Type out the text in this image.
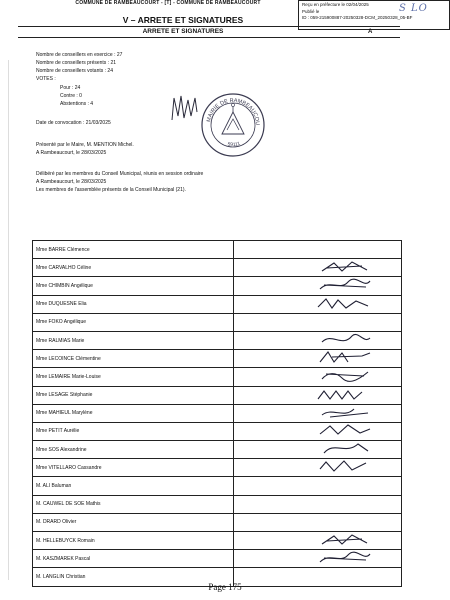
COMMUNE DE RAMBEAUCOURT - [T] - COMMUNE DE RAMBEAUCOURT	Reçu en préfecture le 02/04/2025
Publié le
ID : 059-215900887-20250328-DCM_20250328_05-BF
S LO
V – ARRETE ET SIGNATURES
ARRETE ET SIGNATURES	A
Nombre de conseillers en exercice : 27
Nombre de conseillers présents : 21
Nombre de conseillers votants : 24
VOTES :
Pour : 24
Contre : 0
Abstentions : 4
MAIRIE DE RAMBEAUCOU
59111
Date de convocation : 21/03/2025
Présenté par le Maire, M. MENTION Michel.
A Rambeaucourt, le 28/03/2025
Délibéré par les membres du Conseil Municipal, réunis en session ordinaire
A Rambeaucourt, le 28/03/2025
Les membres de l'assemblée présents de la Conseil Municipal (21).
Mme BARRE Clémence	
Mme CARVALHO Céline	

Mme CHIMBIN Angélique	

Mme DUQUESNE Elia	

Mme FOKO Angélique	
Mme RALMIAS Marie	

Mme LECOINCE Clémentine	

Mme LEMAIRE Marie-Louise	

Mme LESAGE Stéphanie	

Mme MAHIEUL Marylène	

Mme PETIT Aurélie	

Mme SOS Alexandrine	

Mme VITELLARO Cassandre	

M. ALI Baluman	
M. CAUWEL DE SOE Mathis	
M. DRARD Olivier	
M. HELLEBUYCK Romain	

M. KASZMAREK Pascal	

M. LANGLIN Christian	
Page 175
